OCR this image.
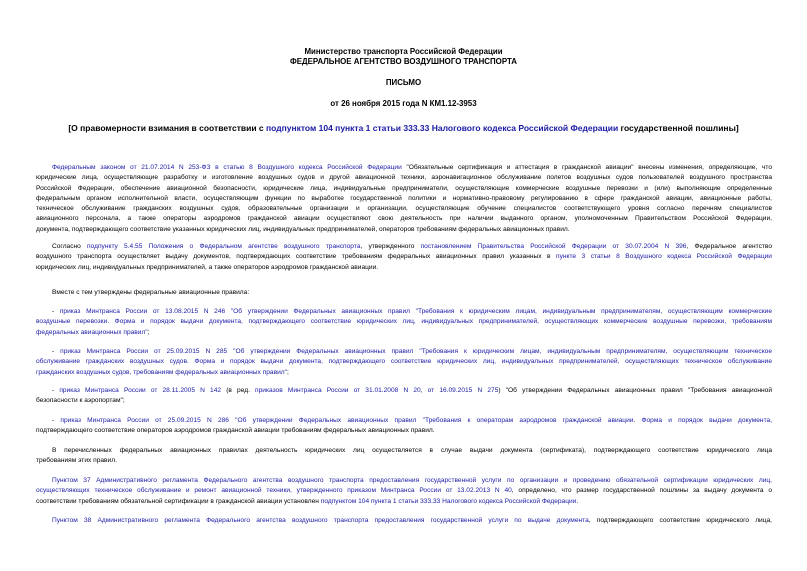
Министерство транспорта Российской Федерации
ФЕДЕРАЛЬНОЕ АГЕНТСТВО ВОЗДУШНОГО ТРАНСПОРТА
ПИСЬМО
от 26 ноября 2015 года N КМ1.12-3953
[О правомерности взимания в соответствии с подпунктом 104 пункта 1 статьи 333.33 Налогового кодекса Российской Федерации государственной пошлины]
Федеральным законом от 21.07.2014 N 253-ФЗ в статью 8 Воздушного кодекса Российской Федерации "Обязательные сертификация и аттестация в гражданской авиации" внесены изменения, определяющие, что
юридические лица, осуществляющие разработку и изготовление воздушных судов и другой авиационной техники, аэронавигационное обслуживание полетов воздушных судов пользователей воздушного пространства
Российской Федерации, обеспечение авиационной безопасности, юридические лица, индивидуальные предприниматели, осуществляющие коммерческие воздушные перевозки и (или) выполняющие определенные
федеральным органом исполнительной власти, осуществляющим функции по выработке государственной политики и нормативно-правовому регулированию в сфере гражданской авиации, авиационные работы,
техническое обслуживание гражданских воздушных судов, образовательные организации и организации, осуществляющие обучение специалистов соответствующего уровня согласно перечням специалистов
авиационного персонала, а также операторы аэродромов гражданской авиации осуществляют свою деятельность при наличии выданного органом, уполномоченным Правительством Российской Федерации,
документа, подтверждающего соответствие указанных юридических лиц, индивидуальных предпринимателей, операторов требованиям федеральных авиационных правил.
Согласно подпункту 5.4.55 Положения о Федеральном агентстве воздушного транспорта, утвержденного постановлением Правительства Российской Федерации от 30.07.2004 N 396, Федеральное агентство
воздушного транспорта осуществляет выдачу документов, подтверждающих соответствие требованиям федеральных авиационных правил указанных в пункте 3 статьи 8 Воздушного кодекса Российской Федерации
юридических лиц, индивидуальных предпринимателей, а также операторов аэродромов гражданской авиации.
Вместе с тем утверждены федеральные авиационные правила:
- приказ Минтранса России от 13.08.2015 N 246 "Об утверждении Федеральных авиационных правил "Требования к юридическим лицам, индивидуальным предпринимателям, осуществляющим коммерческие
воздушные перевозки. Форма и порядок выдачи документа, подтверждающего соответствие юридических лиц, индивидуальных предпринимателей, осуществляющих коммерческие воздушные перевозки, требованиям
федеральных авиационных правил";
- приказ Минтранса России от 25.09.2015 N 285 "Об утверждении Федеральных авиационных правил "Требования к юридическим лицам, индивидуальным предпринимателям, осуществляющим техническое
обслуживание гражданских воздушных судов. Форма и порядок выдачи документа, подтверждающего соответствие юридических лиц, индивидуальных предпринимателей, осуществляющих техническое обслуживание
гражданских воздушных судов, требованиям федеральных авиационных правил";
- приказ Минтранса России от 28.11.2005 N 142 (в ред. приказов Минтранса России от 31.01.2008 N 20, от 16.09.2015 N 275) "Об утверждении Федеральных авиационных правил "Требования авиационной
безопасности к аэропортам";
- приказ Минтранса России от 25.09.2015 N 286 "Об утверждении Федеральных авиационных правил "Требования к операторам аэродромов гражданской авиации. Форма и порядок выдачи документа,
подтверждающего соответствие операторов аэродромов гражданской авиации требованиям федеральных авиационных правил.
В перечисленных федеральных авиационных правилах деятельность юридических лиц осуществляется в случае выдачи документа (сертификата), подтверждающего соответствие юридического лица
требованиям этих правил.
Пунктом 37 Административного регламента Федерального агентства воздушного транспорта предоставления государственной услуги по организации и проведению обязательной сертификации юридических лиц,
осуществляющих техническое обслуживание и ремонт авиационной техники, утвержденного приказом Минтранса России от 13.02.2013 N 40, определено, что размер государственной пошлины за выдачу документа о
соответствии требованиям обязательной сертификации в гражданской авиации установлен подпунктом 104 пункта 1 статьи 333.33 Налогового кодекса Российской Федерации.
Пунктом 38 Административного регламента Федерального агентства воздушного транспорта предоставления государственной услуги по выдаче документа, подтверждающего соответствие юридического лица,
